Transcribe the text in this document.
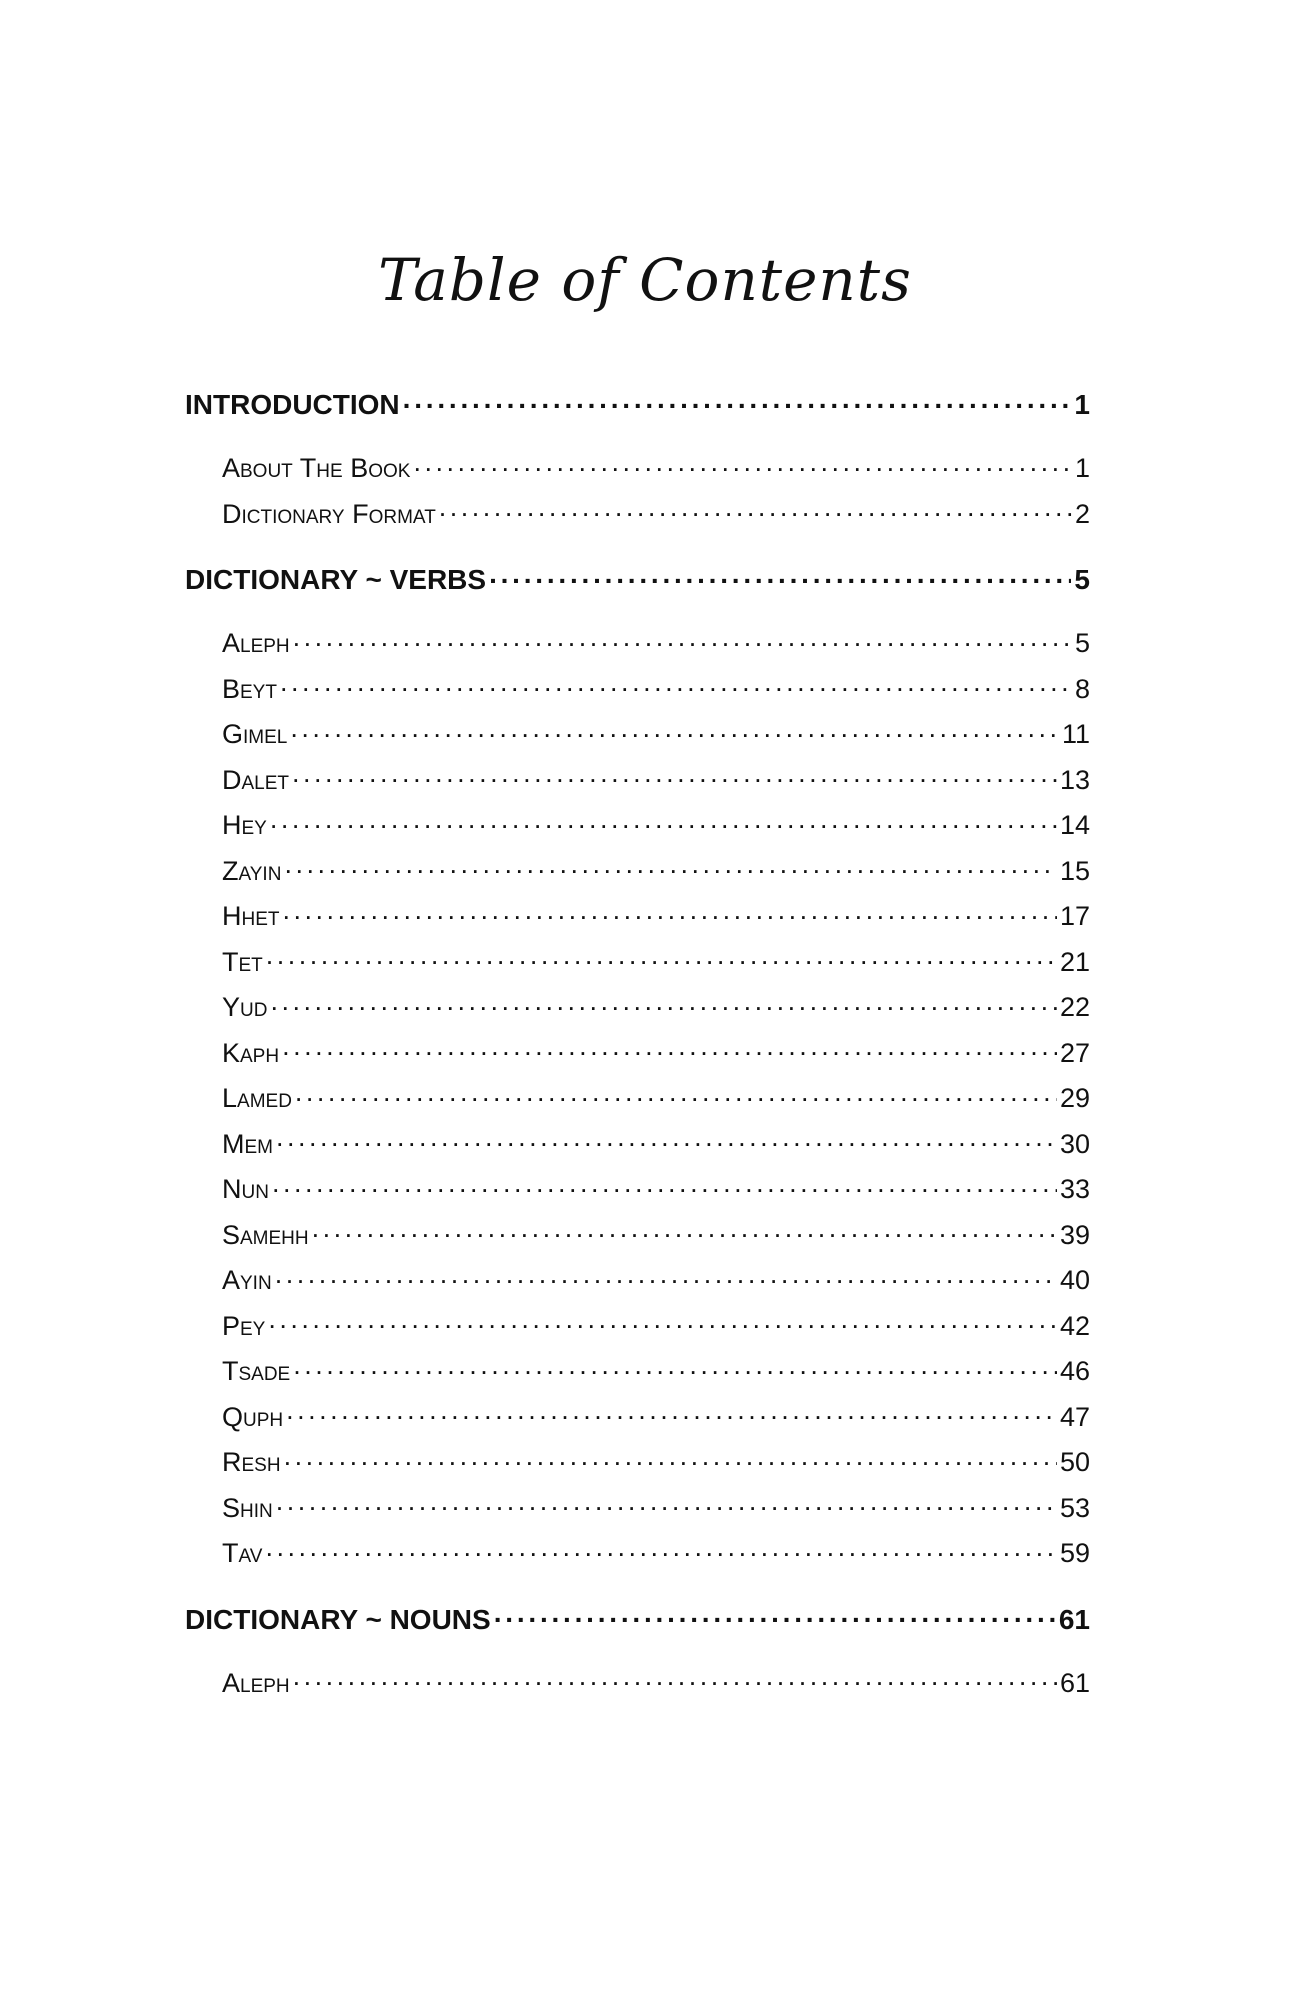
Table of Contents
INTRODUCTION . . .	1
About The Book . . .	1
Dictionary Format . . .	2
DICTIONARY ~ VERBS . . .	5
Aleph . . .	5
Beyt . . .	8
Gimel . . .	11
Dalet . . .	13
Hey . . .	14
Zayin . . .	15
Hhet . . .	17
Tet . . .	21
Yud . . .	22
Kaph . . .	27
Lamed . . .	29
Mem . . .	30
Nun . . .	33
Samehh . . .	39
Ayin . . .	40
Pey . . .	42
Tsade . . .	46
Quph . . .	47
Resh . . .	50
Shin . . .	53
Tav . . .	59
DICTIONARY ~ NOUNS . . .	61
Aleph . . .	61
